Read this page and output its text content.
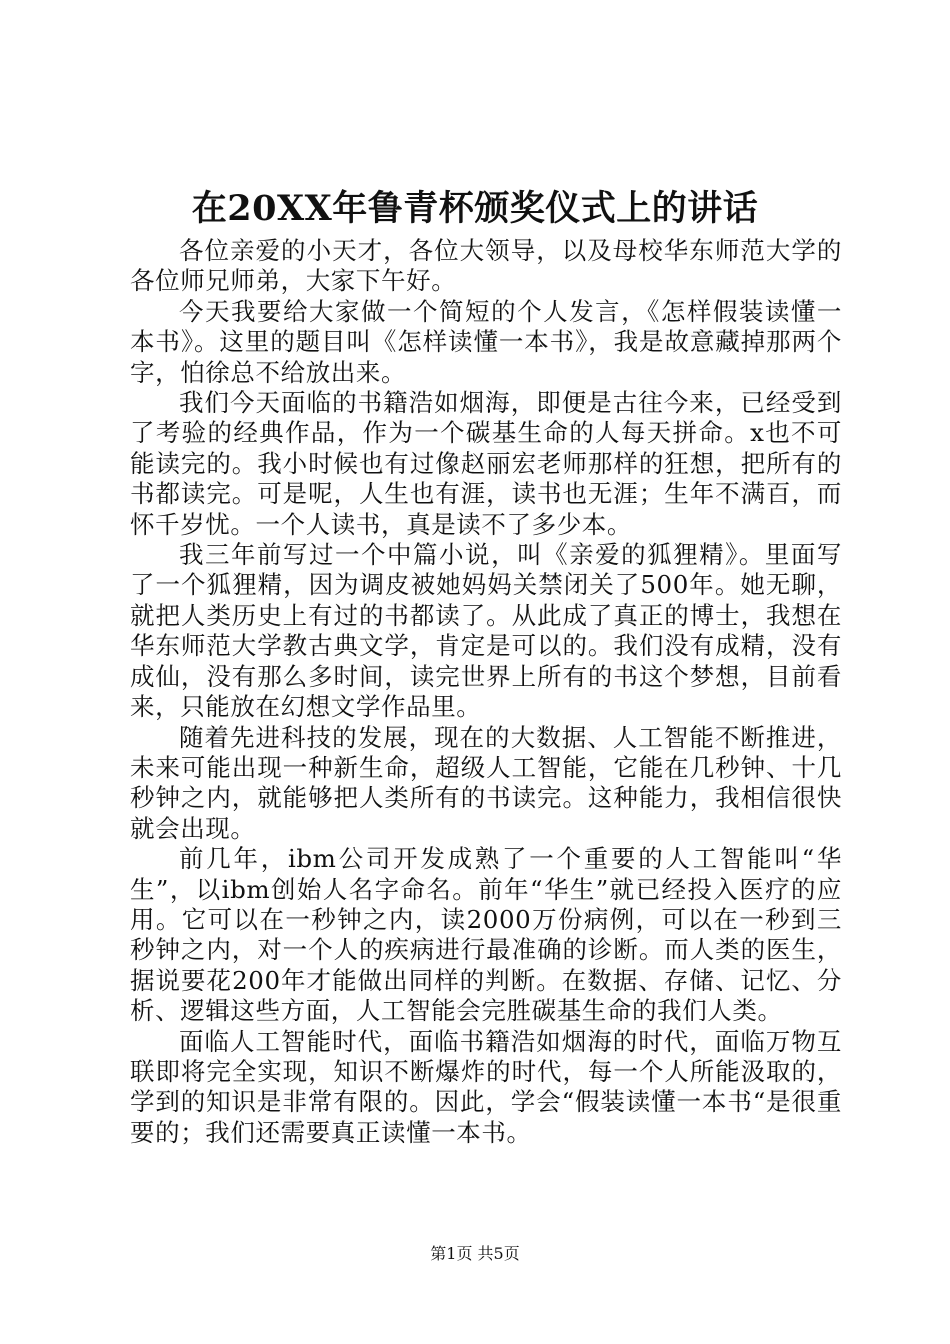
在20XX年鲁青杯颁奖仪式上的讲话

各位亲爱的小天才，各位大领导，以及母校华东师范大学的各位师兄师弟，大家下午好。

今天我要给大家做一个简短的个人发言，《怎样假装读懂一本书》。这里的题目叫《怎样读懂一本书》，我是故意藏掉那两个字，怕徐总不给放出来。

我们今天面临的书籍浩如烟海，即便是古往今来，已经受到了考验的经典作品，作为一个碳基生命的人每天拼命。x也不可能读完的。我小时候也有过像赵丽宏老师那样的狂想，把所有的书都读完。可是呢，人生也有涯，读书也无涯；生年不满百，而怀千岁忧。一个人读书，真是读不了多少本。

我三年前写过一个中篇小说，叫《亲爱的狐狸精》。里面写了一个狐狸精，因为调皮被她妈妈关禁闭关了500年。她无聊，就把人类历史上有过的书都读了。从此成了真正的博士，我想在华东师范大学教古典文学，肯定是可以的。我们没有成精，没有成仙，没有那么多时间，读完世界上所有的书这个梦想，目前看来，只能放在幻想文学作品里。

随着先进科技的发展，现在的大数据、人工智能不断推进，未来可能出现一种新生命，超级人工智能，它能在几秒钟、十几秒钟之内，就能够把人类所有的书读完。这种能力，我相信很快就会出现。

前几年，ibm公司开发成熟了一个重要的人工智能叫“华生”，以ibm创始人名字命名。前年“华生”就已经投入医疗的应用。它可以在一秒钟之内，读2000万份病例，可以在一秒到三秒钟之内，对一个人的疾病进行最准确的诊断。而人类的医生，据说要花200年才能做出同样的判断。在数据、存储、记忆、分析、逻辑这些方面，人工智能会完胜碳基生命的我们人类。

面临人工智能时代，面临书籍浩如烟海的时代，面临万物互联即将完全实现，知识不断爆炸的时代，每一个人所能汲取的，学到的知识是非常有限的。因此，学会“假装读懂一本书“是很重要的；我们还需要真正读懂一本书。

第1页 共5页
